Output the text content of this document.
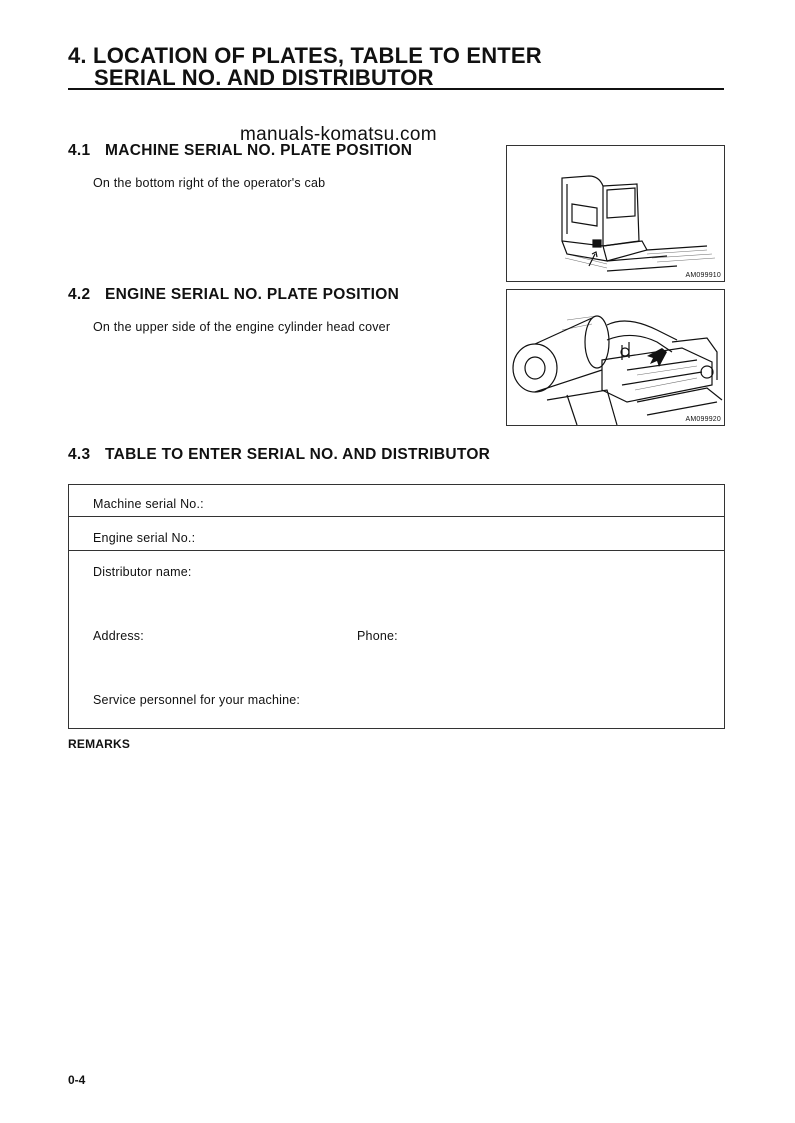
4. LOCATION OF PLATES, TABLE TO ENTER
SERIAL NO. AND DISTRIBUTOR
manuals-komatsu.com
4.1 MACHINE SERIAL NO. PLATE POSITION
On the bottom right of the operator's cab
AM099910
4.2 ENGINE SERIAL NO. PLATE POSITION
On the upper side of the engine cylinder head cover
AM099920
4.3 TABLE TO ENTER SERIAL NO. AND DISTRIBUTOR
Machine serial No.:
Engine serial No.:
Distributor name:
Address:	Phone:
Service personnel for your machine:
REMARKS
0-4
